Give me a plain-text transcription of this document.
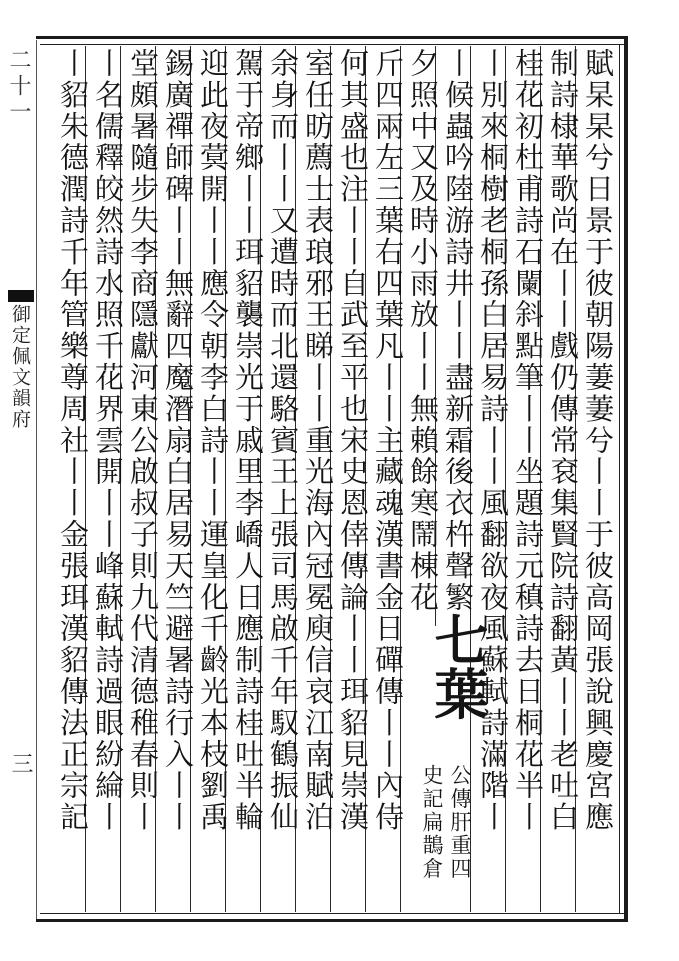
二十一
御定佩文韻府
三	賦杲杲兮日景于彼朝陽萋萋兮丨丨于彼高岡張說興慶宮應
制詩棣華歌尚在丨丨戲仍傳常袞集賢院詩翻黃丨丨老吐白
桂花初杜甫詩石闌斜點筆丨丨坐題詩元稹詩去日桐花半丨
丨別來桐樹老桐孫白居易詩丨丨風翻欲夜風蘇軾詩滿階丨
丨候蟲吟陸游詩井丨丨盡新霜後衣杵聲繁
夕照中又及時小雨放丨丨無賴餘寒鬧棟花
七葉
公傳肝重四
史記扁鵲倉
斤四兩左三葉右四葉凡丨丨主藏魂漢書金日磾傳丨丨內侍
何其盛也注丨丨自武至平也宋史恩倖傳論丨丨珥貂見崇漢
室任昉薦士表琅邪王睇丨丨重光海內冠冕庾信哀江南賦泊
余身而丨丨又遭時而北還駱賓王上張司馬啟千年馭鶴振仙
駕于帝鄉丨丨珥貂襲崇光于戚里李嶠人日應制詩桂吐半輪
迎此夜蓂開丨丨應令朝李白詩丨丨運皇化千齡光本枝劉禹
錫廣禪師碑丨丨無辭四魔潛扇白居易天竺避暑詩行入丨丨
堂頗暑隨步失李商隱獻河東公啟叔子則九代清德稚春則丨
丨名儒釋皎然詩水照千花界雲開丨丨峰蘇軾詩過眼紛綸丨
丨貂朱德潤詩千年管樂尊周社丨丨金張珥漢貂傳法正宗記
